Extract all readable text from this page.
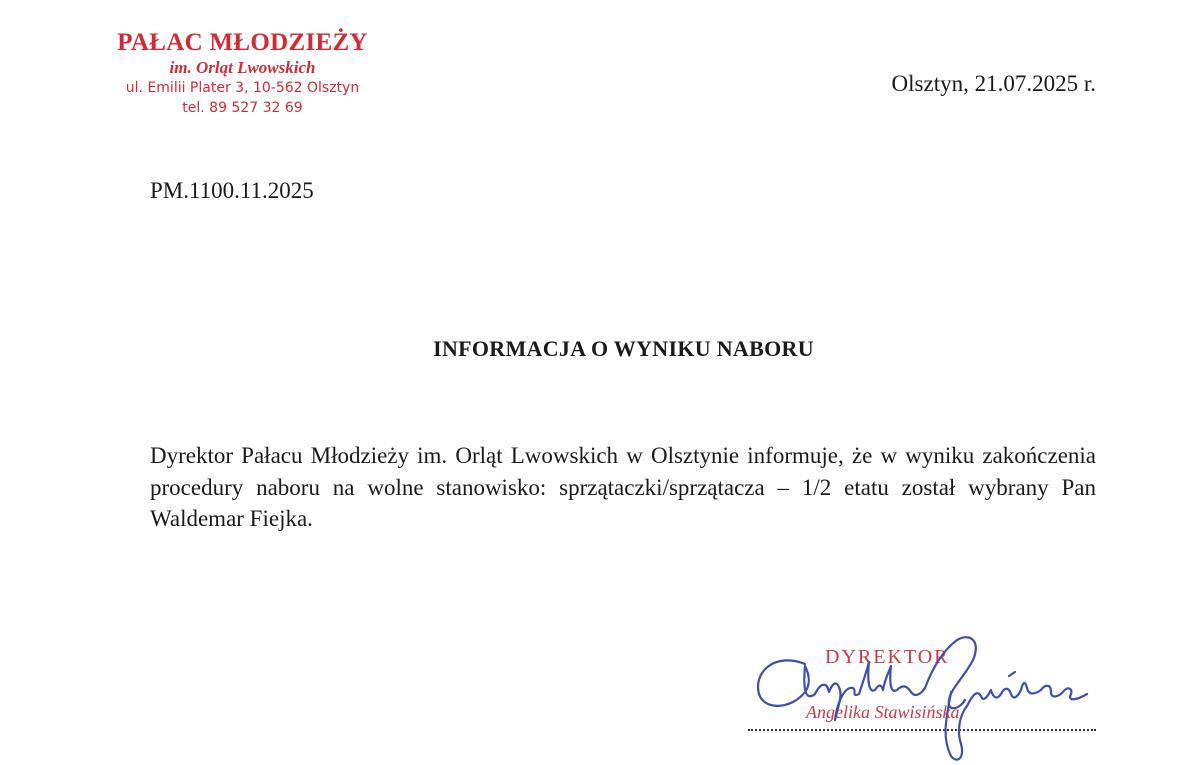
PAŁAC MŁODZIEŻY
im. Orląt Lwowskich
ul. Emilii Plater 3, 10-562 Olsztyn
tel. 89 527 32 69
Olsztyn, 21.07.2025 r.
PM.1100.11.2025
INFORMACJA O WYNIKU NABORU
Dyrektor Pałacu Młodzieży im. Orląt Lwowskich w Olsztynie informuje, że w wyniku zakończenia procedury naboru na wolne stanowisko: sprzątaczki/sprzątacza – 1/2 etatu został wybrany Pan Waldemar Fiejka.
DYREKTOR
Angelika Stawisińska
